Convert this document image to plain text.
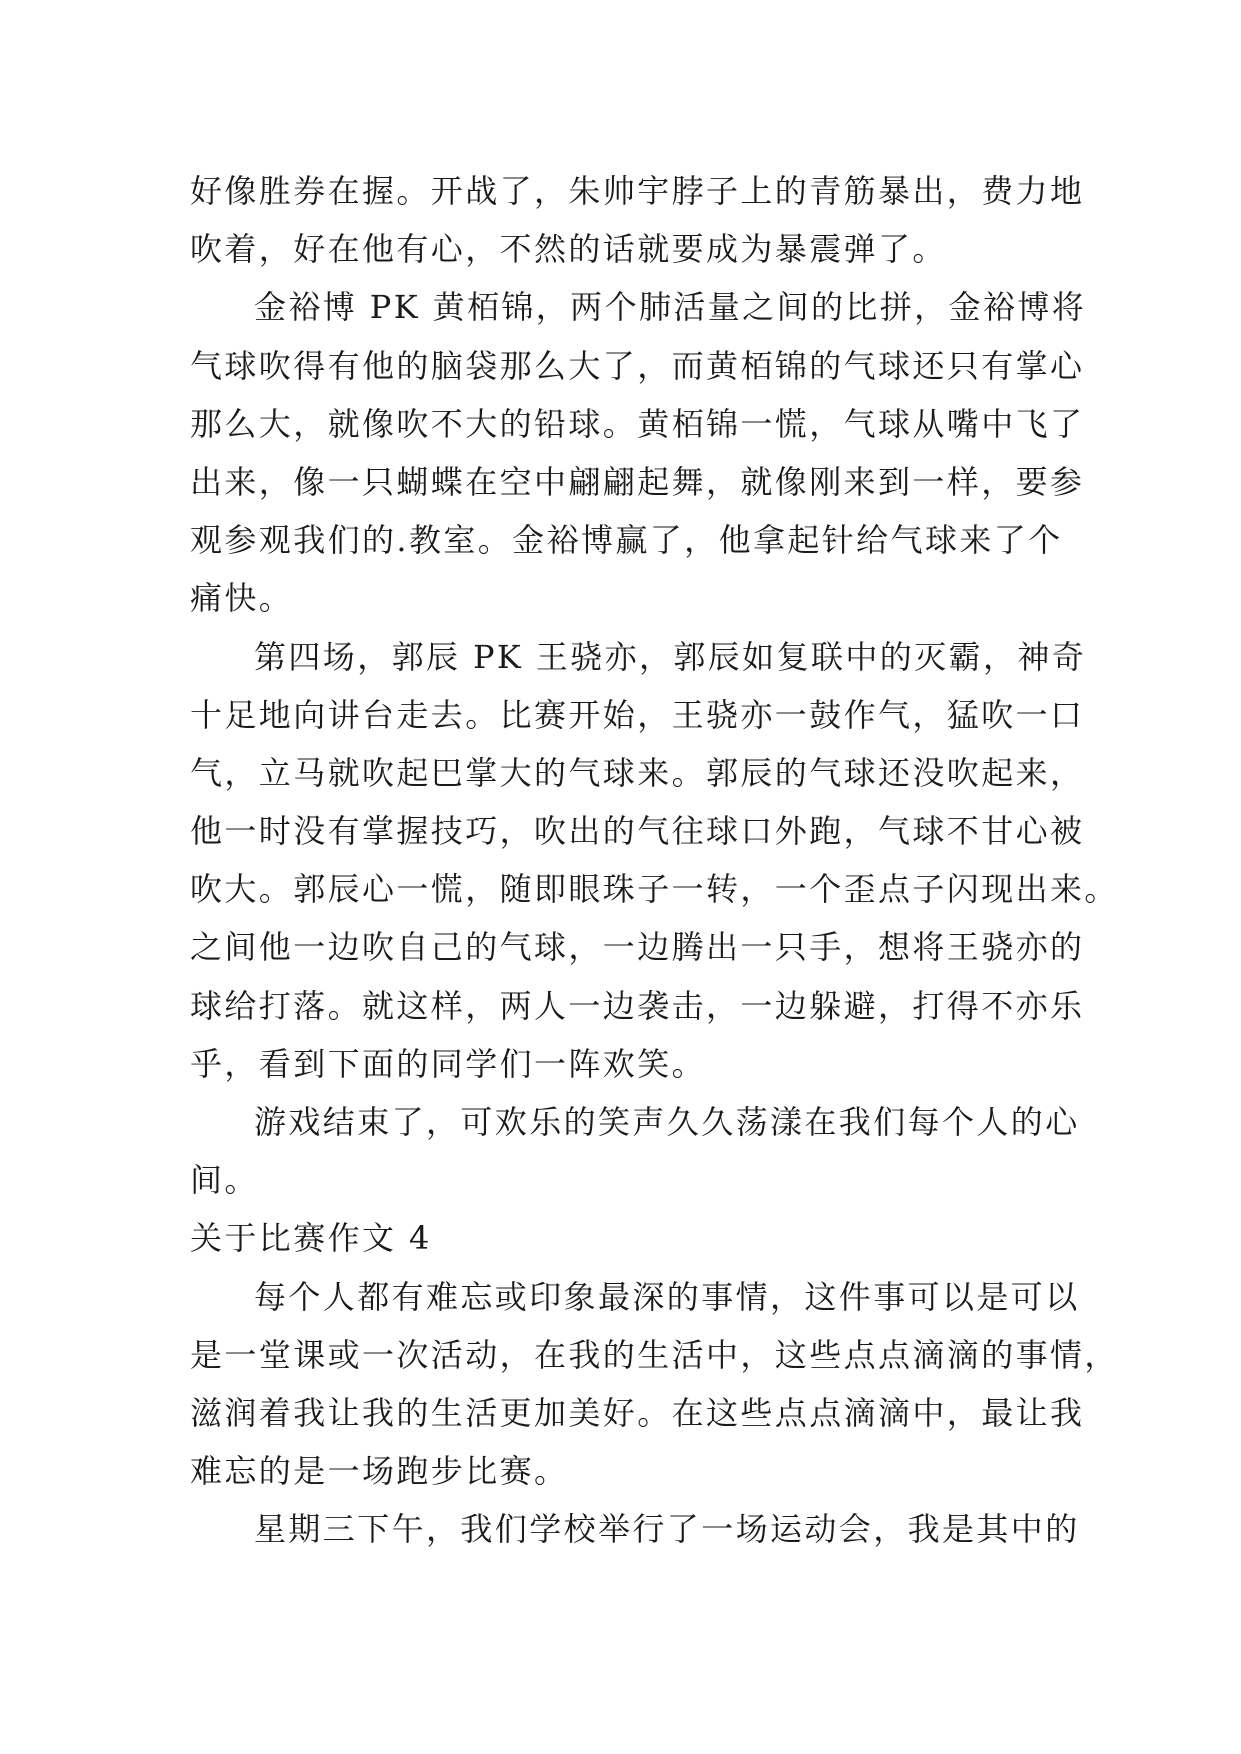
好像胜券在握。开战了，朱帅宇脖子上的青筋暴出，费力地
吹着，好在他有心，不然的话就要成为暴震弹了。
金裕博 PK 黄栢锦，两个肺活量之间的比拼，金裕博将
气球吹得有他的脑袋那么大了，而黄栢锦的气球还只有掌心
那么大，就像吹不大的铅球。黄栢锦一慌，气球从嘴中飞了
出来，像一只蝴蝶在空中翩翩起舞，就像刚来到一样，要参
观参观我们的.教室。金裕博赢了，他拿起针给气球来了个
痛快。
第四场，郭辰 PK 王骁亦，郭辰如复联中的灭霸，神奇
十足地向讲台走去。比赛开始，王骁亦一鼓作气，猛吹一口
气，立马就吹起巴掌大的气球来。郭辰的气球还没吹起来，
他一时没有掌握技巧，吹出的气往球口外跑，气球不甘心被
吹大。郭辰心一慌，随即眼珠子一转，一个歪点子闪现出来。
之间他一边吹自己的气球，一边腾出一只手，想将王骁亦的
球给打落。就这样，两人一边袭击，一边躲避，打得不亦乐
乎，看到下面的同学们一阵欢笑。
游戏结束了，可欢乐的笑声久久荡漾在我们每个人的心
间。
关于比赛作文 4
每个人都有难忘或印象最深的事情，这件事可以是可以
是一堂课或一次活动，在我的生活中，这些点点滴滴的事情，
滋润着我让我的生活更加美好。在这些点点滴滴中，最让我
难忘的是一场跑步比赛。
星期三下午，我们学校举行了一场运动会，我是其中的
